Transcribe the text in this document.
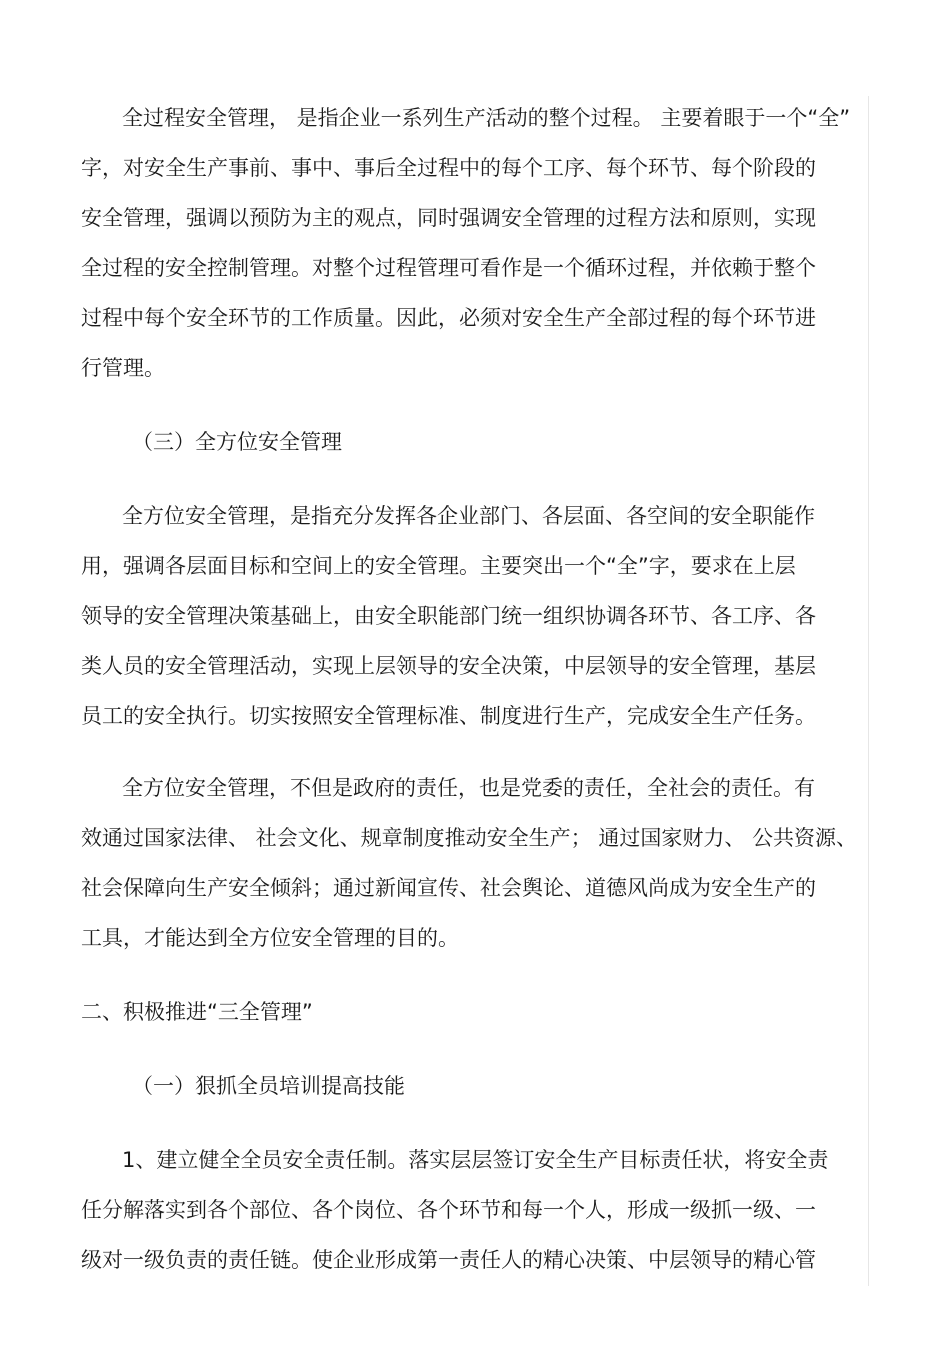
全过程安全管理， 是指企业一系列生产活动的整个过程。 主要着眼于一个“全”
字，对安全生产事前、事中、事后全过程中的每个工序、每个环节、每个阶段的
安全管理，强调以预防为主的观点，同时强调安全管理的过程方法和原则，实现
全过程的安全控制管理。对整个过程管理可看作是一个循环过程，并依赖于整个
过程中每个安全环节的工作质量。因此，必须对安全生产全部过程的每个环节进
行管理。
（三）全方位安全管理
全方位安全管理，是指充分发挥各企业部门、各层面、各空间的安全职能作
用，强调各层面目标和空间上的安全管理。主要突出一个“全”字，要求在上层
领导的安全管理决策基础上，由安全职能部门统一组织协调各环节、各工序、各
类人员的安全管理活动，实现上层领导的安全决策，中层领导的安全管理，基层
员工的安全执行。切实按照安全管理标准、制度进行生产，完成安全生产任务。
全方位安全管理，不但是政府的责任，也是党委的责任，全社会的责任。有
效通过国家法律、 社会文化、规章制度推动安全生产； 通过国家财力、 公共资源、
社会保障向生产安全倾斜；通过新闻宣传、社会舆论、道德风尚成为安全生产的
工具，才能达到全方位安全管理的目的。
二、积极推进“三全管理”
（一）狠抓全员培训提高技能
1、建立健全全员安全责任制。落实层层签订安全生产目标责任状，将安全责
任分解落实到各个部位、各个岗位、各个环节和每一个人，形成一级抓一级、一
级对一级负责的责任链。使企业形成第一责任人的精心决策、中层领导的精心管
